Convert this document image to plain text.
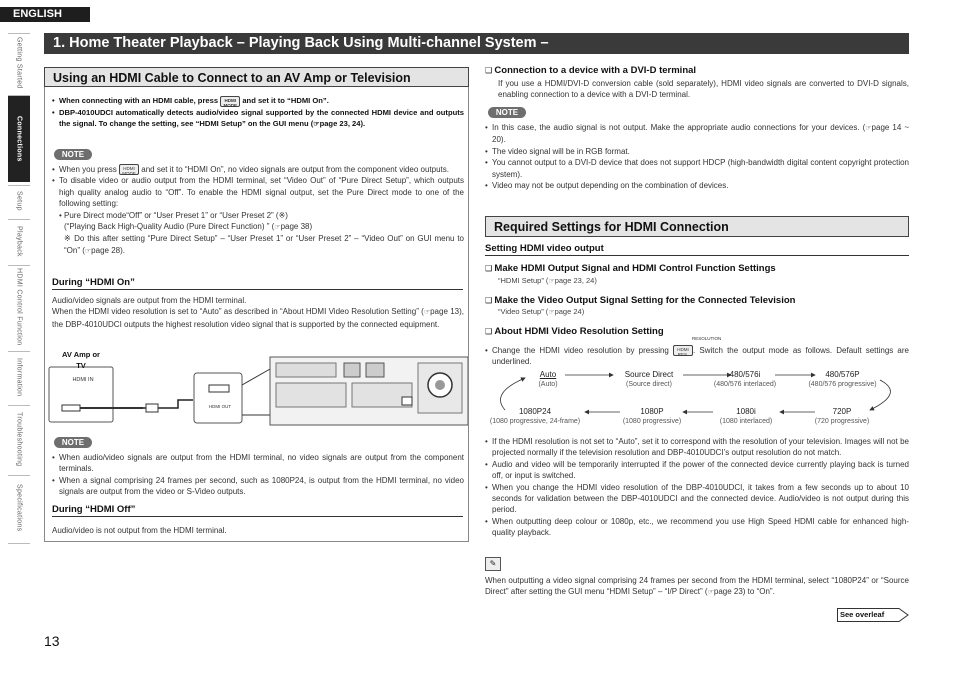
ENGLISH
1. Home Theater Playback – Playing Back Using Multi-channel System –
Getting Started
Connections
Setup
Playback
HDMI Control Function
Information
Troubleshooting
Specifications
Using an HDMI Cable to Connect to an AV Amp or Television
• When connecting with an HDMI cable, press HDMI MODE and set it to “HDMI On”.
• DBP-4010UDCI automatically detects audio/video signal supported by the connected HDMI device and outputs the signal. To change the setting, see “HDMI Setup” on the GUI menu (☞page 23, 24).
NOTE
• When you press HDMI MODE and set it to “HDMI On”, no video signals are output from the component video outputs.
• To disable video or audio output from the HDMI terminal, set “Video Out” of “Pure Direct Setup”, which outputs high quality analog audio to “Off”. To enable the HDMI signal output, set the Pure Direct mode to one of the following setting:
• Pure Direct mode“Off” or “User Preset 1” or “User Preset 2” (※)
(“Playing Back High-Quality Audio (Pure Direct Function) ” (☞page 38)
※ Do this after setting “Pure Direct Setup” – “User Preset 1” or “User Preset 2” – “Video Out” on GUI menu to “On” (☞page 28).
During “HDMI On”
Audio/video signals are output from the HDMI terminal.
When the HDMI video resolution is set to “Auto” as described in “About HDMI Video Resolution Setting” (☞page 13), the DBP-4010UDCI outputs the highest resolution video signal that is supported by the connected equipment.
AV Amp or TV
HDMI IN
HDMI OUT
NOTE
• When audio/video signals are output from the HDMI terminal, no video signals are output from the component terminals.
• When a signal comprising 24 frames per second, such as 1080P24, is output from the HDMI terminal, no video signals are output from the video or S-Video outputs.
During “HDMI Off”
Audio/video is not output from the HDMI terminal.
❑ Connection to a device with a DVI-D terminal
If you use a HDMI/DVI-D conversion cable (sold separately), HDMI video signals are converted to DVI-D signals, enabling connection to a device with a DVI-D terminal.
NOTE
• In this case, the audio signal is not output. Make the appropriate audio connections for your devices. (☞page 14 ~ 20).
• The video signal will be in RGB format.
• You cannot output to a DVI-D device that does not support HDCP (high-bandwidth digital content copyright protection system).
• Video may not be output depending on the combination of devices.
Required Settings for HDMI Connection
Setting HDMI video output
❑ Make HDMI Output Signal and HDMI Control Function Settings
“HDMI Setup” (☞page 23, 24)
❑ Make the Video Output Signal Setting for the Connected Television
“Video Setup” (☞page 24)
❑ About HDMI Video Resolution Setting
RESOLUTION
• Change the HDMI video resolution by pressing HDMI RES. . Switch the output mode as follows. Default settings are underlined.
Auto
(Auto)
Source Direct
(Source direct)
480/576i
(480/576 interlaced)
480/576P
(480/576 progressive)
1080P24
(1080 progressive, 24-frame)
1080P
(1080 progressive)
1080i
(1080 interlaced)
720P
(720 progressive)
• If the HDMI resolution is not set to “Auto”, set it to correspond with the resolution of your television. Images will not be projected normally if the television resolution and DBP-4010UDCI’s output resolution do not match.
• Audio and video will be temporarily interrupted if the power of the connected device currently playing back is turned off, or input is switched.
• When you change the HDMI video resolution of the DBP-4010UDCI, it takes from a few seconds up to about 10 seconds for validation between the DBP-4010UDCI and the connected device. Audio/video is not output during this period.
• When outputting deep colour or 1080p, etc., we recommend you use High Speed HDMI cable for enhanced high-quality playback.
✎
When outputting a video signal comprising 24 frames per second from the HDMI terminal, select “1080P24” or “Source Direct” after setting the GUI menu “HDMI Setup” – “I/P Direct” (☞page 23) to “On”.
See overleaf
13
